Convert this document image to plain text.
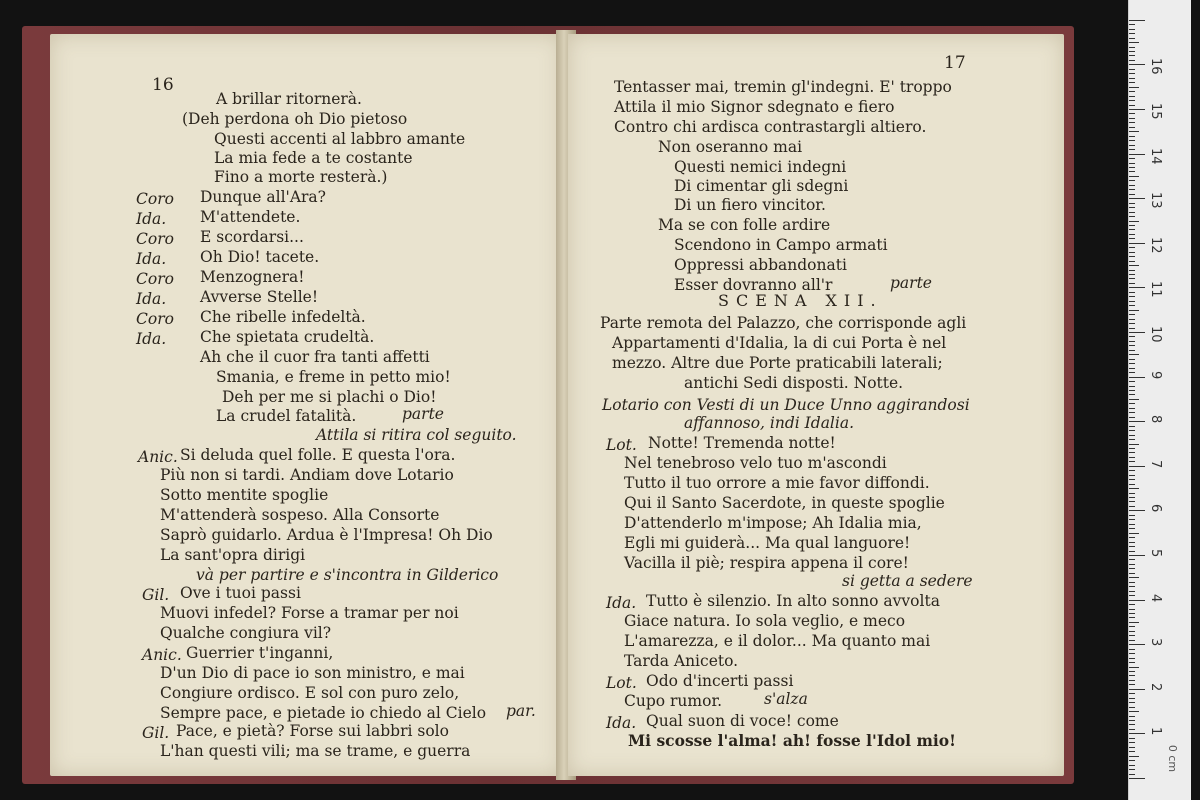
16
A brillar ritornerà.
(Deh perdona oh Dio pietoso
Questi accenti al labbro amante
La mia fede a te costante
Fino a morte resterà.)
Coro Dunque all'Ara?
Ida. M'attendete.
Coro E scordarsi...
Ida. Oh Dio! tacete.
Coro Menzognera!
Ida. Avverse Stelle!
Coro Che ribelle infedeltà.
Ida. Che spietata crudeltà.
Ah che il cuor fra tanti affetti
Smania, e freme in petto mio!
Deh per me si plachi o Dio!
La crudel fatalità.	parte
Attila si ritira col seguito.
Anic. Si deluda quel folle. E questa l'ora.
Più non si tardi. Andiam dove Lotario
Sotto mentite spoglie
M'attenderà sospeso. Alla Consorte
Saprò guidarlo. Ardua è l'Impresa! Oh Dio
La sant'opra dirigi
và per partire e s'incontra in Gilderico
Gil. Ove i tuoi passi
Muovi infedel? Forse a tramar per noi
Qualche congiura vil?
Anic. Guerrier t'inganni,
D'un Dio di pace io son ministro, e mai
Congiure ordisco. E sol con puro zelo,
Sempre pace, e pietade io chiedo al Cielo par.
Gil. Pace, e pietà? Forse sui labbri solo
L'han questi vili; ma se trame, e guerra
17
Tentasser mai, tremin gl'indegni. E' troppo
Attila il mio Signor sdegnato e fiero
Contro chi ardisca contrastargli altiero.
Non oseranno mai
Questi nemici indegni
Di cimentar gli sdegni
Di un fiero vincitor.
Ma se con folle ardire
Scendono in Campo armati
Oppressi abbandonati
Esser dovranno all'r	parte
SCENA XII.
Parte remota del Palazzo, che corrisponde agli
Appartamenti d'Idalia, la di cui Porta è nel
mezzo. Altre due Porte praticabili laterali;
antichi Sedi disposti. Notte.
Lotario con Vesti di un Duce Unno aggirandosi
affannoso, indi Idalia.
Lot. Notte! Tremenda notte!
Nel tenebroso velo tuo m'ascondi
Tutto il tuo orrore a mie favor diffondi.
Qui il Santo Sacerdote, in queste spoglie
D'attenderlo m'impose; Ah Idalia mia,
Egli mi guiderà... Ma qual languore!
Vacilla il piè; respira appena il core!
si getta a sedere
Ida. Tutto è silenzio. In alto sonno avvolta
Giace natura. Io sola veglio, e meco
L'amarezza, e il dolor... Ma quanto mai
Tarda Aniceto.
Lot. Odo d'incerti passi
Cupo rumor.	s'alza
Ida. Qual suon di voce! come
Mi scosse l'alma! ah! fosse l'Idol mio!
0 cm
1
2
3
4
5
6
7
8
9
10
11
12
13
14
15
16
